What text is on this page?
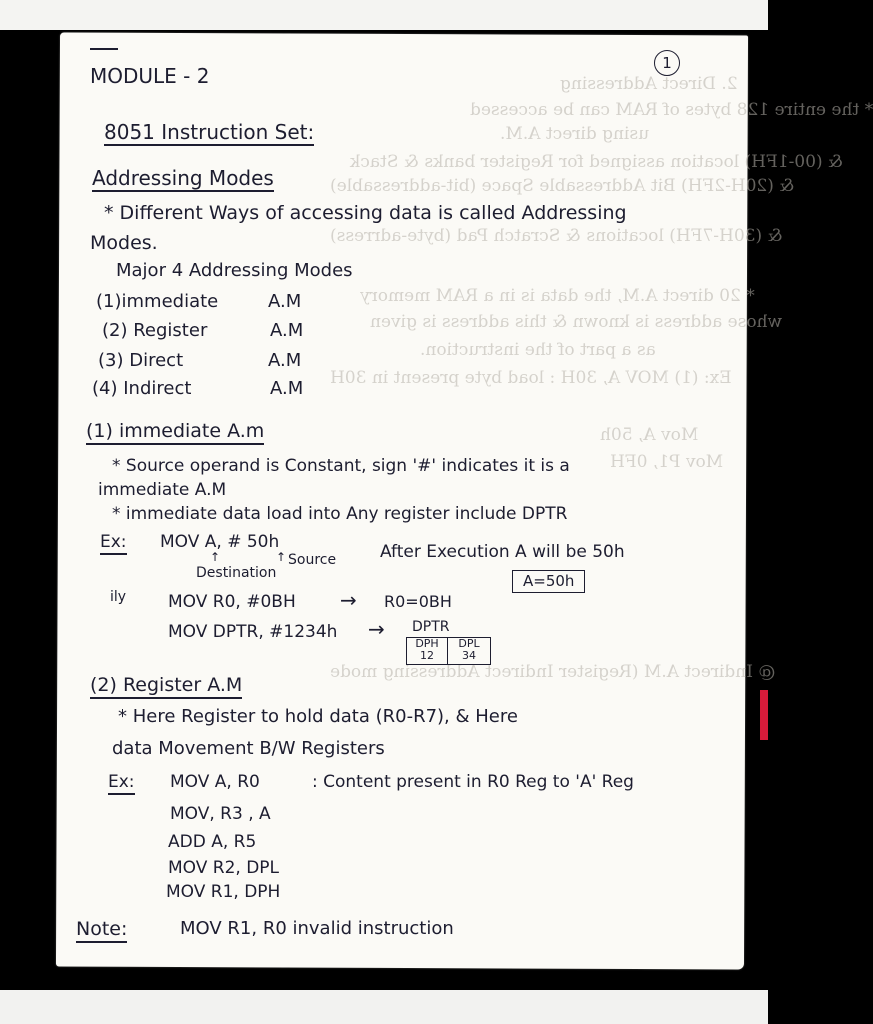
2. Direct Addressing
* the entire 128 bytes of RAM can be accessed
using direct A.M.
& (00-1FH) location assigned for Register banks & Stack
& (20H-2FH) Bit Addressable Space (bit-addressable)
& (30H-7FH) locations & Scratch Pad (byte-adrress)
* 20 direct A.M, the data is in a RAM memory
whose address is known & this address is given
as a part of the instruction.
Ex: (1) MOV A, 30H : load byte present in 30H
Mov A, 50h
Mov P1, 0FH
@ Indirect A.M (Register Indirect Addressing mode
1
MODULE - 2
8051 Instruction Set:
Addressing Modes
* Different Ways of accessing data is called Addressing
Modes.
Major 4 Addressing Modes
(1)immediate	A.M
(2) Register	A.M
(3) Direct	A.M
(4) Indirect	A.M
(1) immediate A.m
* Source operand is Constant, sign '#' indicates it is a
immediate A.M
* immediate data load into Any register include DPTR
Ex: MOV A, # 50h	After Execution A will be 50h
↑	↑
Destination
Source
A=50h
ily MOV R0, #0BH → R0=0BH
MOV DPTR, #1234h → DPTR
DPH
12
DPL
34
(2) Register A.M
* Here Register to hold data (R0-R7), & Here
data Movement B/W Registers
Ex: MOV A, R0	: Content present in R0 Reg to 'A' Reg
MOV, R3 , A
ADD A, R5
MOV R2, DPL
MOV R1, DPH
Note:	MOV R1, R0 invalid instruction
